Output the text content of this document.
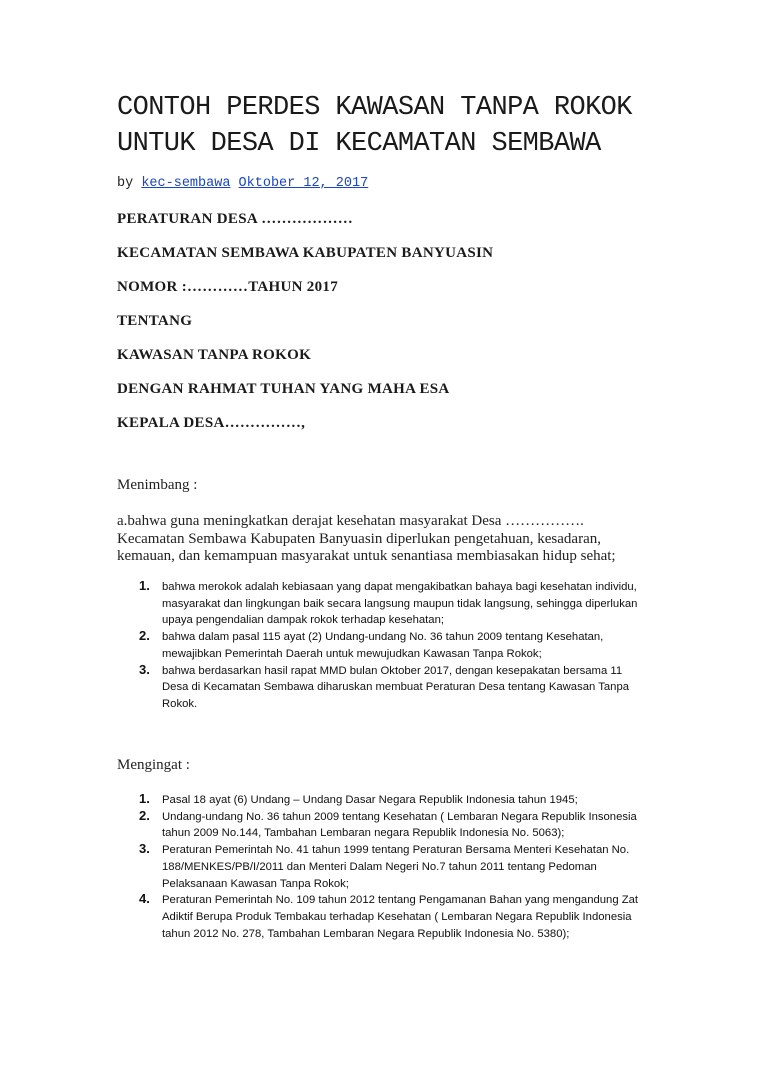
CONTOH PERDES KAWASAN TANPA ROKOK
UNTUK DESA DI KECAMATAN SEMBAWA
by kec-sembawa Oktober 12, 2017

PERATURAN DESA ………………

KECAMATAN SEMBAWA KABUPATEN BANYUASIN

NOMOR :…………TAHUN 2017

TENTANG

KAWASAN TANPA ROKOK

DENGAN RAHMAT TUHAN YANG MAHA ESA

KEPALA DESA……………,

Menimbang :
a.bahwa guna meningkatkan derajat kesehatan masyarakat Desa ……………. Kecamatan Sembawa Kabupaten Banyuasin diperlukan pengetahuan, kesadaran, kemauan, dan kemampuan masyarakat untuk senantiasa membiasakan hidup sehat;
1. bahwa merokok adalah kebiasaan yang dapat mengakibatkan bahaya bagi kesehatan individu, masyarakat dan lingkungan baik secara langsung maupun tidak langsung, sehingga diperlukan upaya pengendalian dampak rokok terhadap kesehatan;
2. bahwa dalam pasal 115 ayat (2) Undang-undang No. 36 tahun 2009 tentang Kesehatan, mewajibkan Pemerintah Daerah untuk mewujudkan Kawasan Tanpa Rokok;
3. bahwa berdasarkan hasil rapat MMD bulan Oktober 2017, dengan kesepakatan bersama 11 Desa di Kecamatan Sembawa diharuskan membuat Peraturan Desa tentang Kawasan Tanpa Rokok.
Mengingat :
1. Pasal 18 ayat (6) Undang – Undang Dasar Negara Republik Indonesia tahun 1945;
2. Undang-undang No. 36 tahun 2009 tentang Kesehatan ( Lembaran Negara Republik Insonesia tahun 2009 No.144, Tambahan Lembaran negara Republik Indonesia No. 5063);
3. Peraturan Pemerintah No. 41 tahun 1999 tentang Peraturan Bersama Menteri Kesehatan No. 188/MENKES/PB/I/2011 dan Menteri Dalam Negeri No.7 tahun 2011 tentang Pedoman Pelaksanaan Kawasan Tanpa Rokok;
4. Peraturan Pemerintah No. 109 tahun 2012 tentang Pengamanan Bahan yang mengandung Zat Adiktif Berupa Produk Tembakau terhadap Kesehatan ( Lembaran Negara Republik Indonesia tahun 2012 No. 278, Tambahan Lembaran Negara Republik Indonesia No. 5380);
